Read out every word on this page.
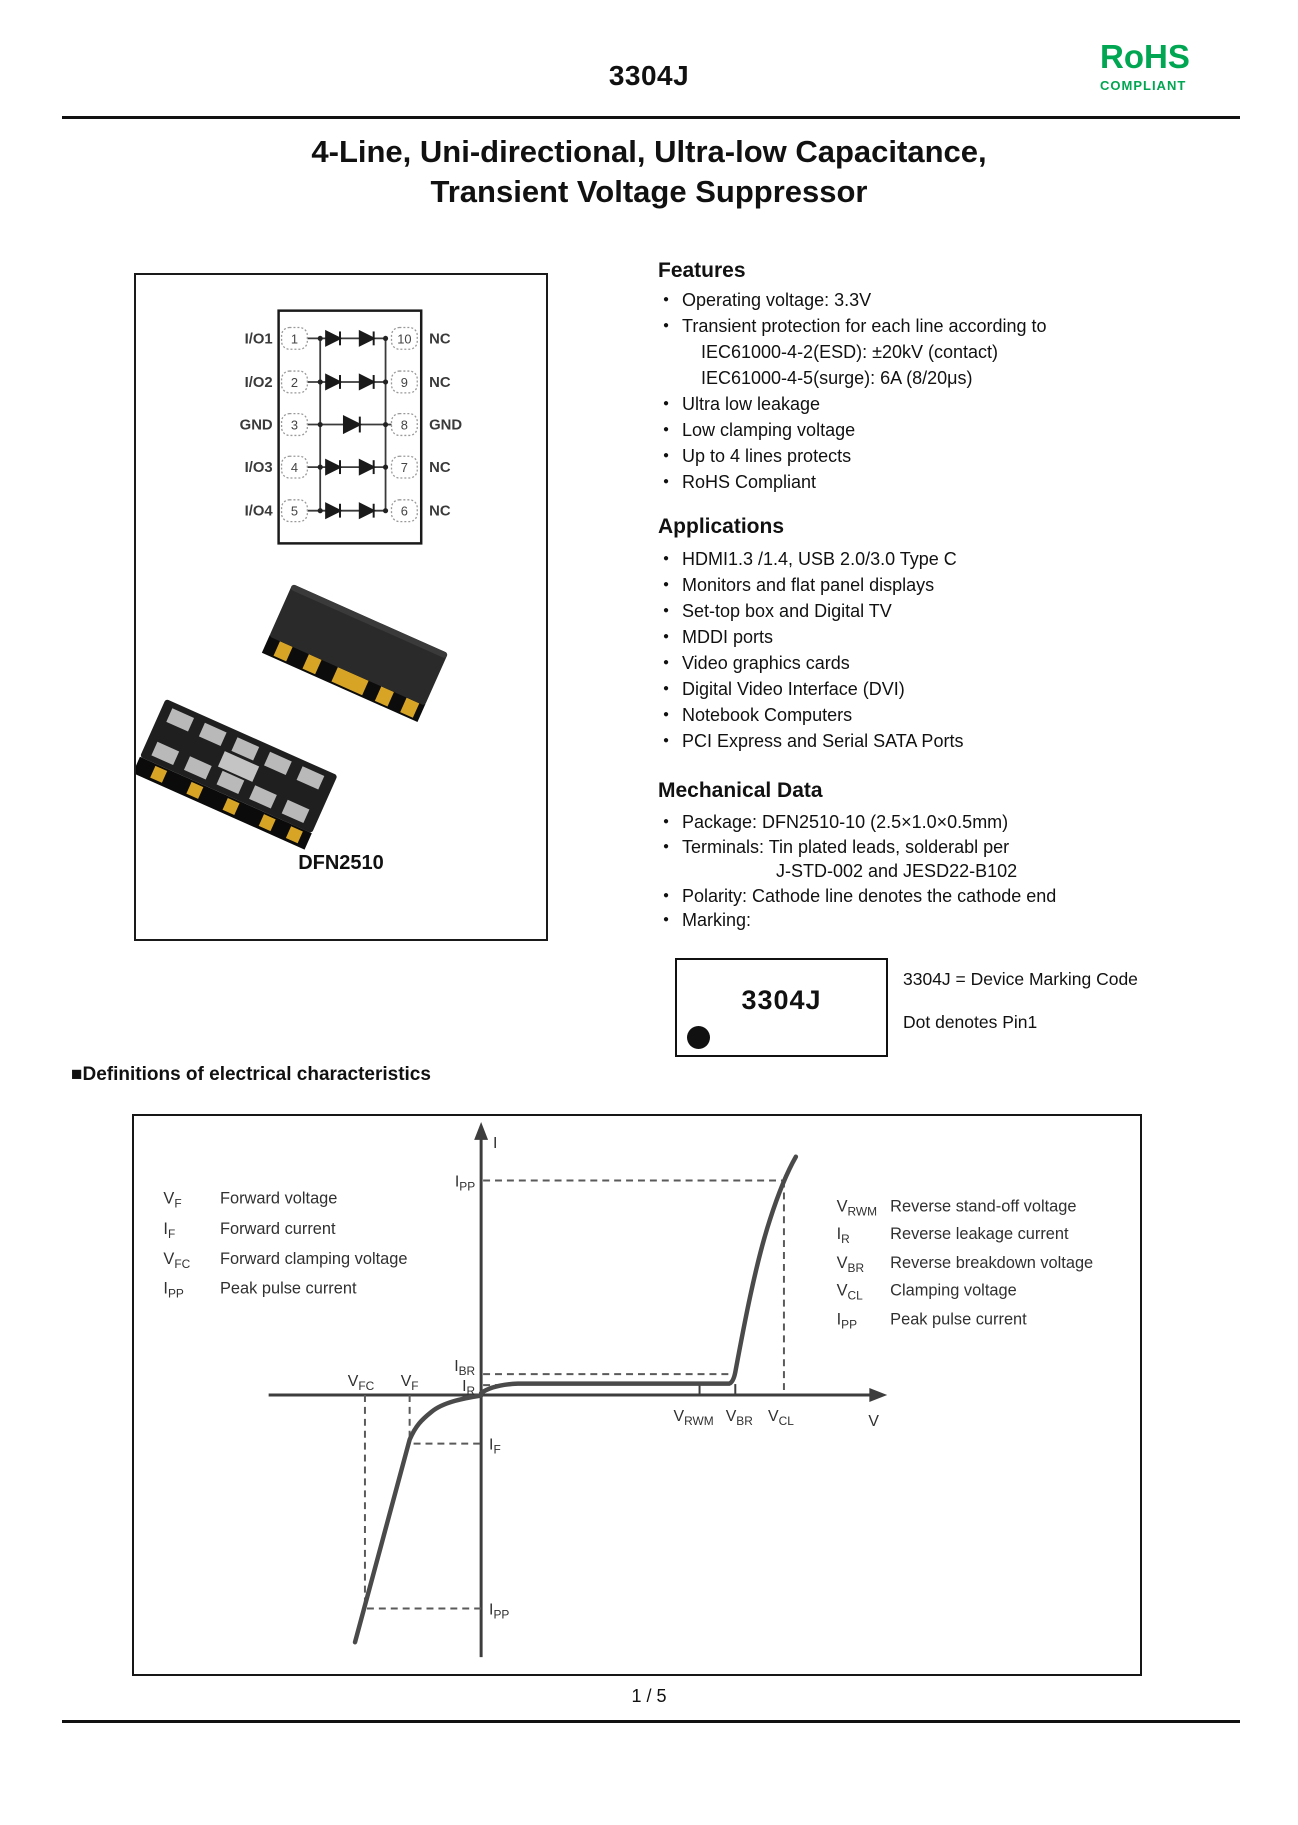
3304J
RoHS
COMPLIANT
4-Line, Uni-directional, Ultra-low Capacitance,
Transient Voltage Suppressor
1
2
3
4
5
10
9
8
7
6
I/O1
I/O2
GND
I/O3
I/O4
NC
NC
GND
NC
NC
DFN2510
Features
● Operating voltage: 3.3V
● Transient protection for each line according to
IEC61000-4-2(ESD): ±20kV (contact)
IEC61000-4-5(surge): 6A (8/20μs)
● Ultra low leakage
● Low clamping voltage
● Up to 4 lines protects
● RoHS Compliant
Applications
● HDMI1.3 /1.4, USB 2.0/3.0 Type C
● Monitors and flat panel displays
● Set-top box and Digital TV
● MDDI ports
● Video graphics cards
● Digital Video Interface (DVI)
● Notebook Computers
● PCI Express and Serial SATA Ports
Mechanical Data
● Package: DFN2510-10 (2.5×1.0×0.5mm)
● Terminals: Tin plated leads, solderabl per
J-STD-002 and JESD22-B102
● Polarity: Cathode line denotes the cathode end
● Marking:
3304J
3304J = Device Marking Code
Dot denotes Pin1
■Definitions of electrical characteristics
I
V
$I_{PP}$
$I_{BR}$
$I_R$
$I_F$
$I_{PP}$
$V_{FC}$ $V_F$
$V_{RWM}$ $V_{BR}$ $V_{CL}$
$V_F$ Forward voltage
$I_F$	Forward current
$V_{FC}$ Forward clamping voltage
$I_{PP}$ Peak pulse current
$V_{RWM}$ Reverse stand-off voltage
$I_R$ Reverse leakage current
$V_{BR}$ Reverse breakdown voltage
$V_{CL}$ Clamping voltage
$I_{PP}$ Peak pulse current
1 / 5
